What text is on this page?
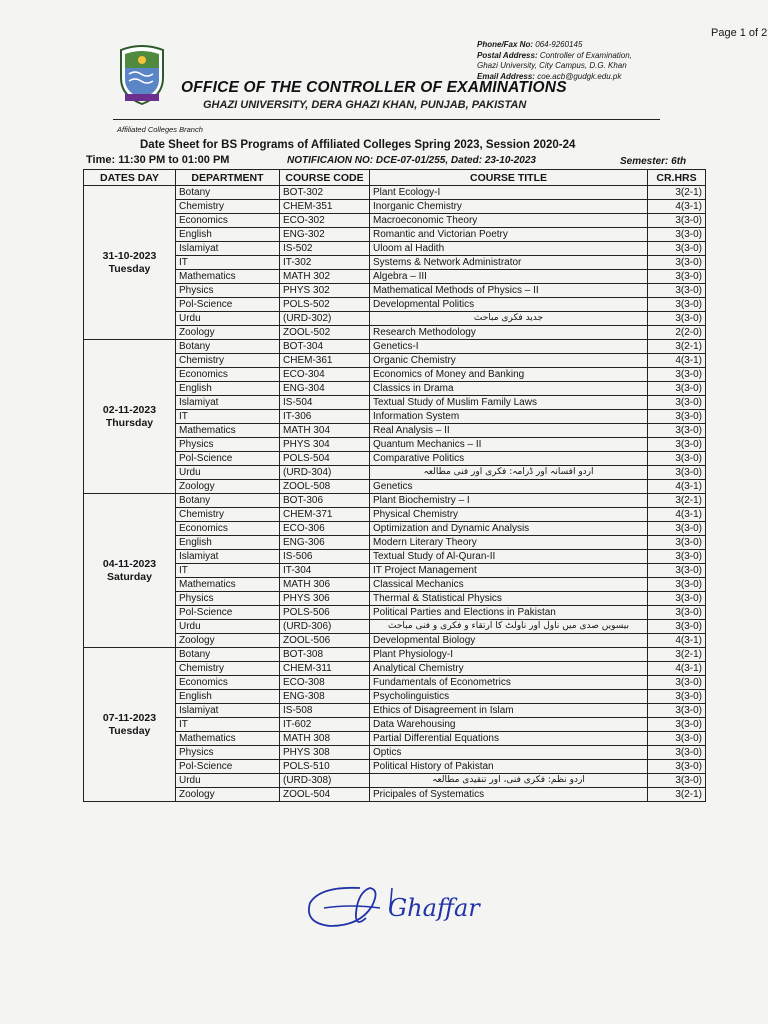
Page 1 of 2
Phone/Fax No: 064-9260145
Postal Address: Controller of Examination,
Ghazi University, City Campus, D.G. Khan
Email Address: coe.acb@gudgk.edu.pk
OFFICE OF THE CONTROLLER OF EXAMINATIONS
GHAZI UNIVERSITY, DERA GHAZI KHAN, PUNJAB, PAKISTAN
Affiliated Colleges Branch
Date Sheet for BS Programs of Affiliated Colleges Spring 2023, Session 2020-24
Time: 11:30 PM to 01:00 PM	NOTIFICAION NO: DCE-07-01/255, Dated: 23-10-2023	Semester: 6th
DATES DAY	DEPARTMENT	COURSE CODE	COURSE TITLE	CR.HRS

31-10-2023
Tuesday	Botany	BOT-302	Plant Ecology-I	3(2-1)
	Chemistry	CHEM-351	Inorganic Chemistry	4(3-1)
	Economics	ECO-302	Macroeconomic Theory	3(3-0)
	English	ENG-302	Romantic and Victorian Poetry	3(3-0)
	Islamiyat	IS-502	Uloom al Hadith	3(3-0)
	IT	IT-302	Systems & Network Administrator	3(3-0)
	Mathematics	MATH 302	Algebra – III	3(3-0)
	Physics	PHYS 302	Mathematical Methods of Physics – II	3(3-0)
	Pol-Science	POLS-502	Developmental Politics	3(3-0)
	Urdu	(URD-302)	جدید فکری مباحث	3(3-0)
	Zoology	ZOOL-502	Research Methodology	2(2-0)

02-11-2023
Thursday	Botany	BOT-304	Genetics-I	3(2-1)
	Chemistry	CHEM-361	Organic Chemistry	4(3-1)
	Economics	ECO-304	Economics of Money and Banking	3(3-0)
	English	ENG-304	Classics in Drama	3(3-0)
	Islamiyat	IS-504	Textual Study of Muslim Family Laws	3(3-0)
	IT	IT-306	Information System	3(3-0)
	Mathematics	MATH 304	Real Analysis – II	3(3-0)
	Physics	PHYS 304	Quantum Mechanics – II	3(3-0)
	Pol-Science	POLS-504	Comparative Politics	3(3-0)
	Urdu	(URD-304)	اردو افسانہ اور ڈرامہ: فکری اور فنی مطالعہ	3(3-0)
	Zoology	ZOOL-508	Genetics	4(3-1)

04-11-2023
Saturday	Botany	BOT-306	Plant Biochemistry – I	3(2-1)
	Chemistry	CHEM-371	Physical Chemistry	4(3-1)
	Economics	ECO-306	Optimization and Dynamic Analysis	3(3-0)
	English	ENG-306	Modern Literary Theory	3(3-0)
	Islamiyat	IS-506	Textual Study of Al-Quran-II	3(3-0)
	IT	IT-304	IT Project Management	3(3-0)
	Mathematics	MATH 306	Classical Mechanics	3(3-0)
	Physics	PHYS 306	Thermal & Statistical Physics	3(3-0)
	Pol-Science	POLS-506	Political Parties and Elections in Pakistan	3(3-0)
	Urdu	(URD-306)	بیسویں صدی میں ناول اور ناولٹ کا ارتقاء و فکری و فنی مباحث	3(3-0)
	Zoology	ZOOL-506	Developmental Biology	4(3-1)

07-11-2023
Tuesday	Botany	BOT-308	Plant Physiology-I	3(2-1)
	Chemistry	CHEM-311	Analytical Chemistry	4(3-1)
	Economics	ECO-308	Fundamentals of Econometrics	3(3-0)
	English	ENG-308	Psycholinguistics	3(3-0)
	Islamiyat	IS-508	Ethics of Disagreement in Islam	3(3-0)
	IT	IT-602	Data Warehousing	3(3-0)
	Mathematics	MATH 308	Partial Differential Equations	3(3-0)
	Physics	PHYS 308	Optics	3(3-0)
	Pol-Science	POLS-510	Political History of Pakistan	3(3-0)
	Urdu	(URD-308)	اردو نظم: فکری فنی، اور تنقیدی مطالعہ	3(3-0)
	Zoology	ZOOL-504	Pricipales of Systematics	3(2-1)
Ghaffar
